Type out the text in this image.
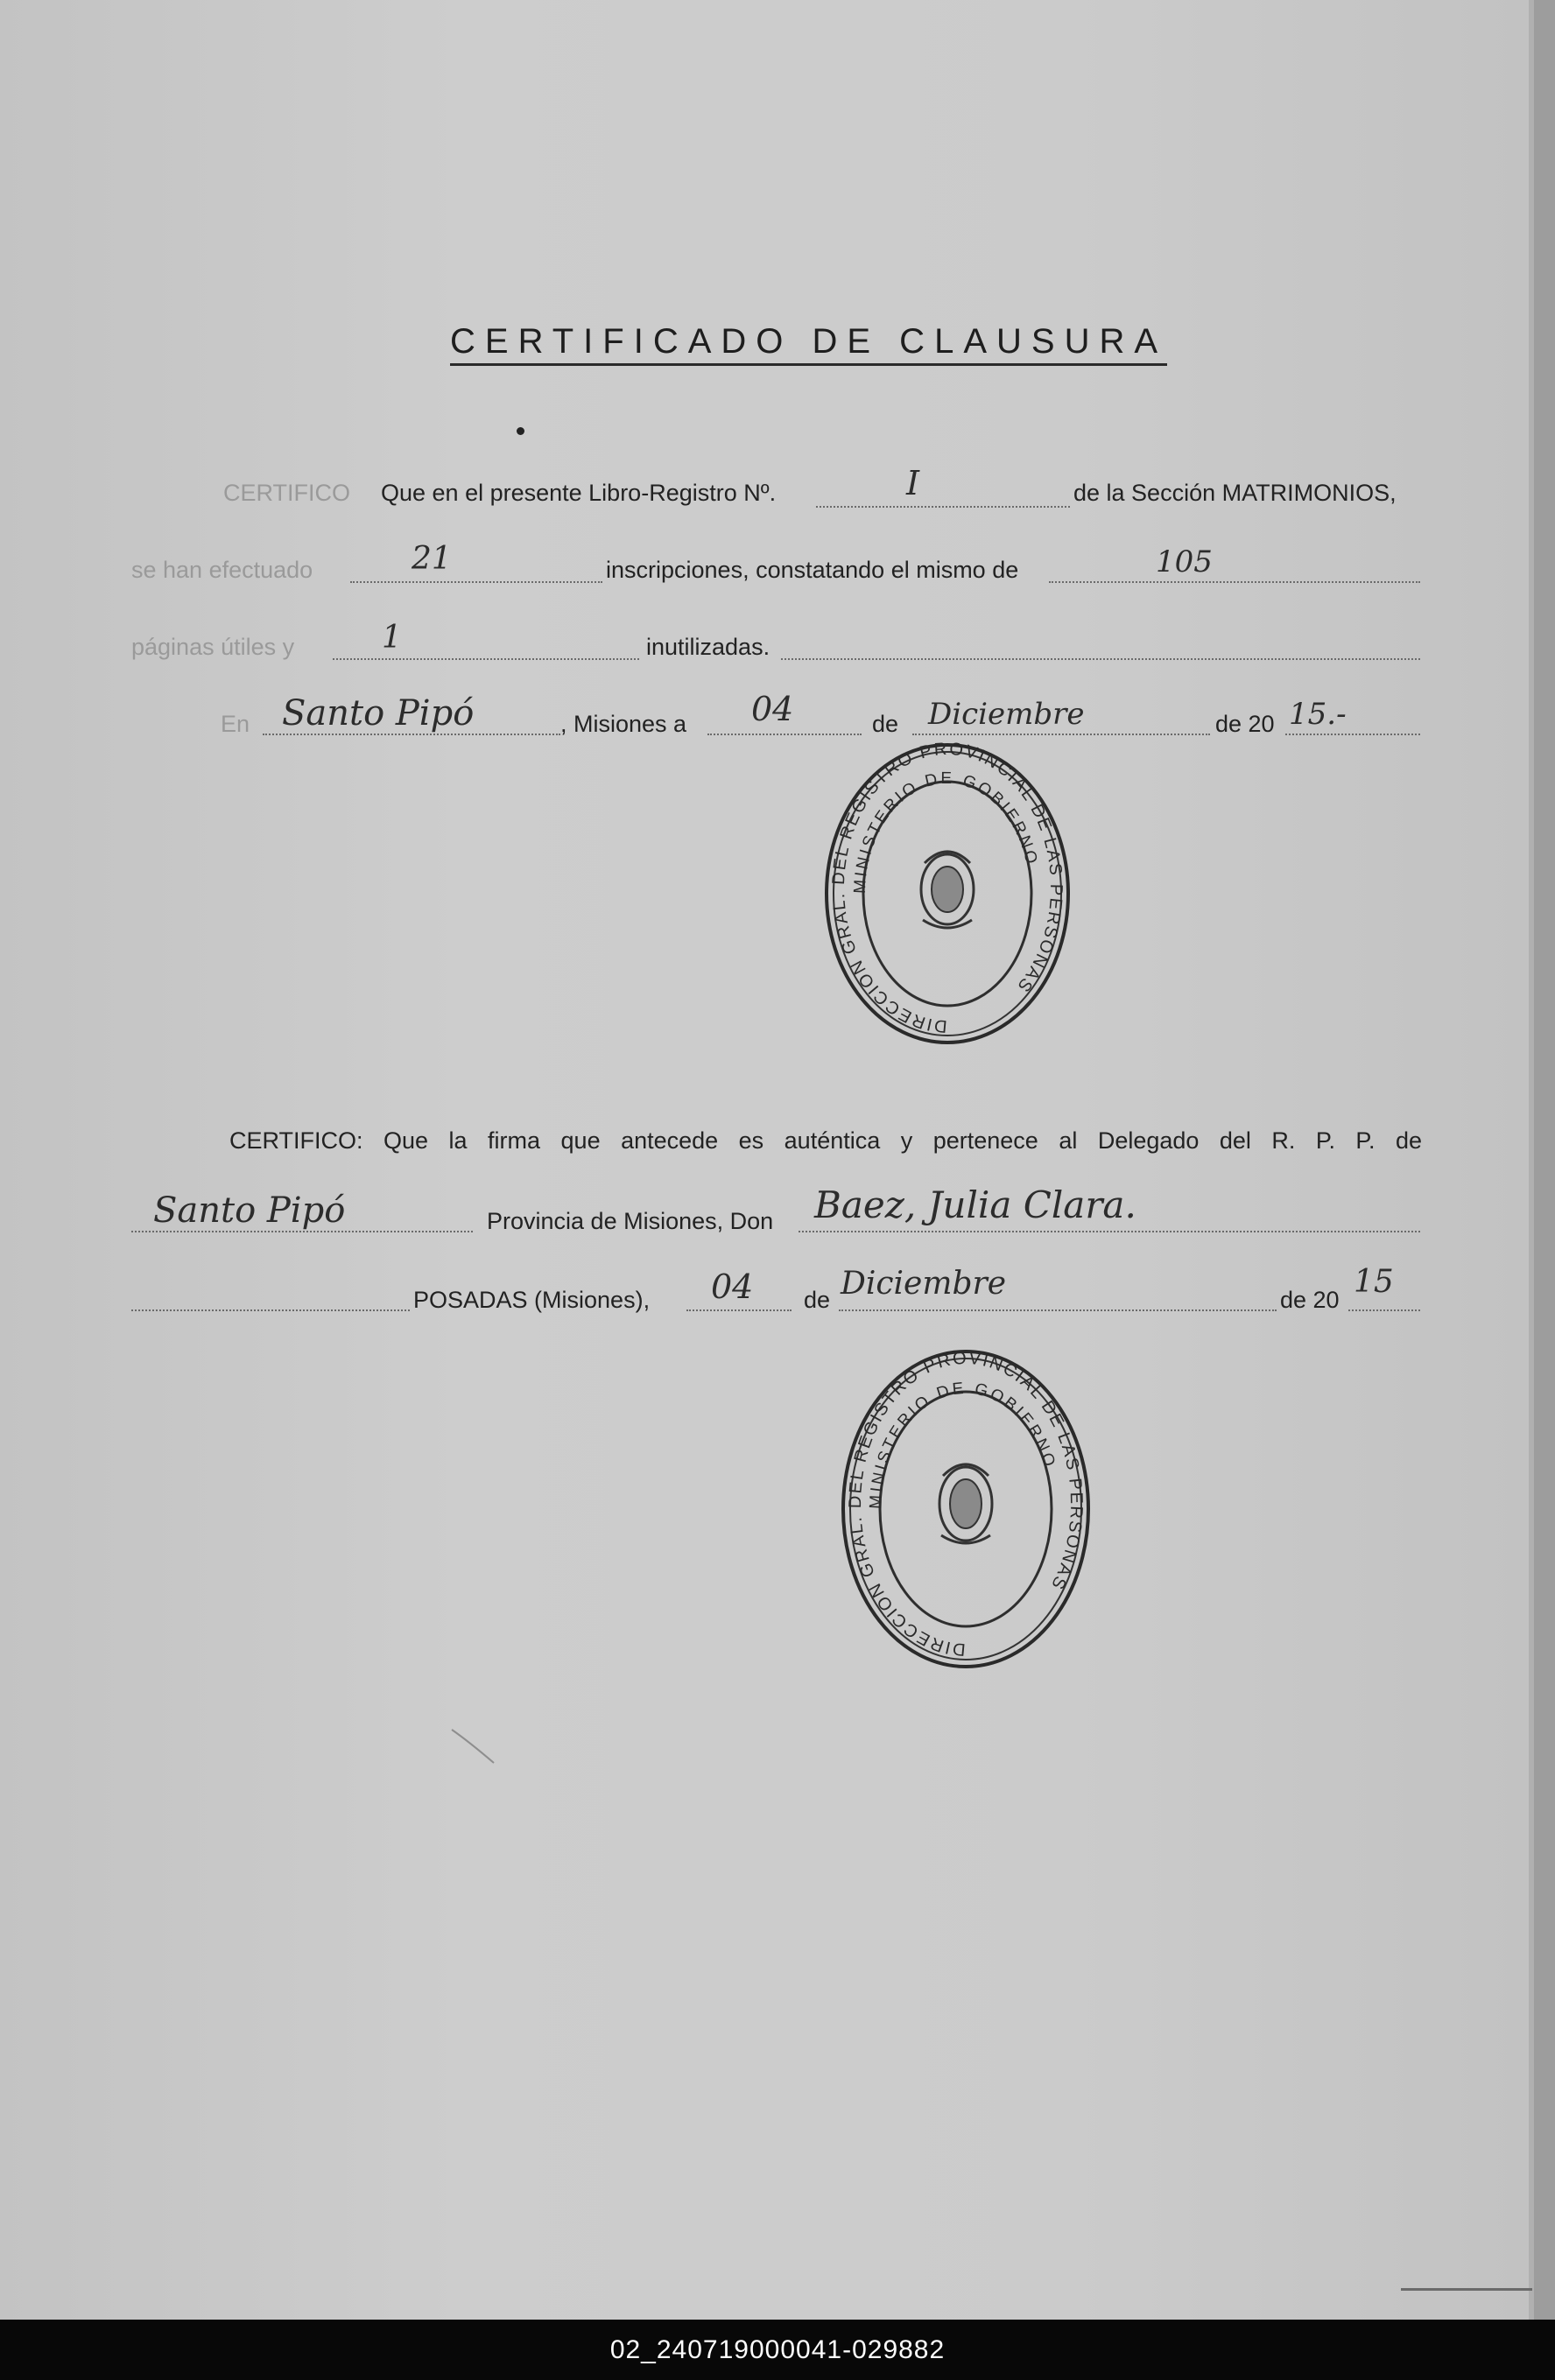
CERTIFICADO DE CLAUSURA
CERTIFICO Que en el presente Libro-Registro Nº.	I	de la Sección MATRIMONIOS,
se han efectuado	21	inscripciones, constatando el mismo de	105
páginas útiles y	1	inutilizadas.
En Santo Pipó	, Misiones a 04	de Diciembre	de 20 15.-
DIRECCION GRAL. DEL REGISTRO PROVINCIAL DE LAS PERSONAS
MINISTERIO DE GOBIERNO
CERTIFICO: Que la firma que antecede es auténtica y pertenece al Delegado del R. P. P. de
Santo Pipó	Provincia de Misiones, Don Baez, Julia Clara.
POSADAS (Misiones), 04 de Diciembre	de 20 15
DIRECCION GRAL. DEL REGISTRO PROVINCIAL DE LAS PERSONAS
MINISTERIO DE GOBIERNO
02_240719000041-029882
